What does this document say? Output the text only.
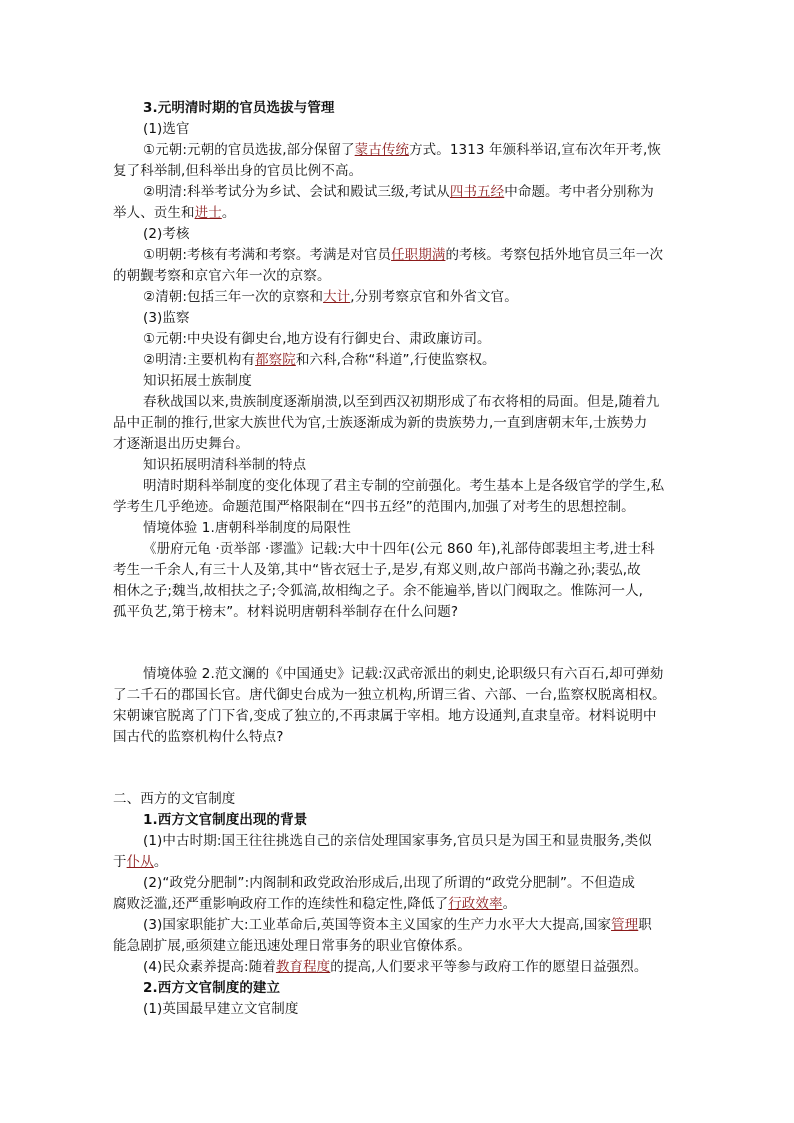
3.元明清时期的官员选拔与管理
(1)选官
①元朝:元朝的官员选拔,部分保留了蒙古传统方式。1313 年颁科举诏,宣布次年开考,恢
复了科举制,但科举出身的官员比例不高。
②明清:科举考试分为乡试、会试和殿试三级,考试从四书五经中命题。考中者分别称为
举人、贡生和进士。
(2)考核
①明朝:考核有考满和考察。考满是对官员任职期满的考核。考察包括外地官员三年一次
的朝觐考察和京官六年一次的京察。
②清朝:包括三年一次的京察和大计,分别考察京官和外省文官。
(3)监察
①元朝:中央设有御史台,地方设有行御史台、肃政廉访司。
②明清:主要机构有都察院和六科,合称“科道”,行使监察权。
知识拓展士族制度
春秋战国以来,贵族制度逐渐崩溃,以至到西汉初期形成了布衣将相的局面。但是,随着九
品中正制的推行,世家大族世代为官,士族逐渐成为新的贵族势力,一直到唐朝末年,士族势力
才逐渐退出历史舞台。
知识拓展明清科举制的特点
明清时期科举制度的变化体现了君主专制的空前强化。考生基本上是各级官学的学生,私
学考生几乎绝迹。命题范围严格限制在“四书五经”的范围内,加强了对考生的思想控制。
情境体验 1.唐朝科举制度的局限性
《册府元龟 ·贡举部 ·谬滥》记载:大中十四年(公元 860 年),礼部侍郎裴坦主考,进士科
考生一千余人,有三十人及第,其中“皆衣冠士子,是岁,有郑义则,故户部尚书瀚之孙;裴弘,故
相休之子;魏当,故相扶之子;令狐滈,故相绹之子。余不能遍举,皆以门阀取之。惟陈河一人,
孤平负艺,第于榜末”。材料说明唐朝科举制存在什么问题?
情境体验 2.范文澜的《中国通史》记载:汉武帝派出的刺史,论职级只有六百石,却可弹劾
了二千石的郡国长官。唐代御史台成为一独立机构,所谓三省、六部、一台,监察权脱离相权。
宋朝谏官脱离了门下省,变成了独立的,不再隶属于宰相。地方设通判,直隶皇帝。材料说明中
国古代的监察机构什么特点?
二、西方的文官制度
1.西方文官制度出现的背景
(1)中古时期:国王往往挑选自己的亲信处理国家事务,官员只是为国王和显贵服务,类似
于仆从。
(2)“政党分肥制”:内阁制和政党政治形成后,出现了所谓的“政党分肥制”。不但造成
腐败泛滥,还严重影响政府工作的连续性和稳定性,降低了行政效率。
(3)国家职能扩大:工业革命后,英国等资本主义国家的生产力水平大大提高,国家管理职
能急剧扩展,亟须建立能迅速处理日常事务的职业官僚体系。
(4)民众素养提高:随着教育程度的提高,人们要求平等参与政府工作的愿望日益强烈。
2.西方文官制度的建立
(1)英国最早建立文官制度
